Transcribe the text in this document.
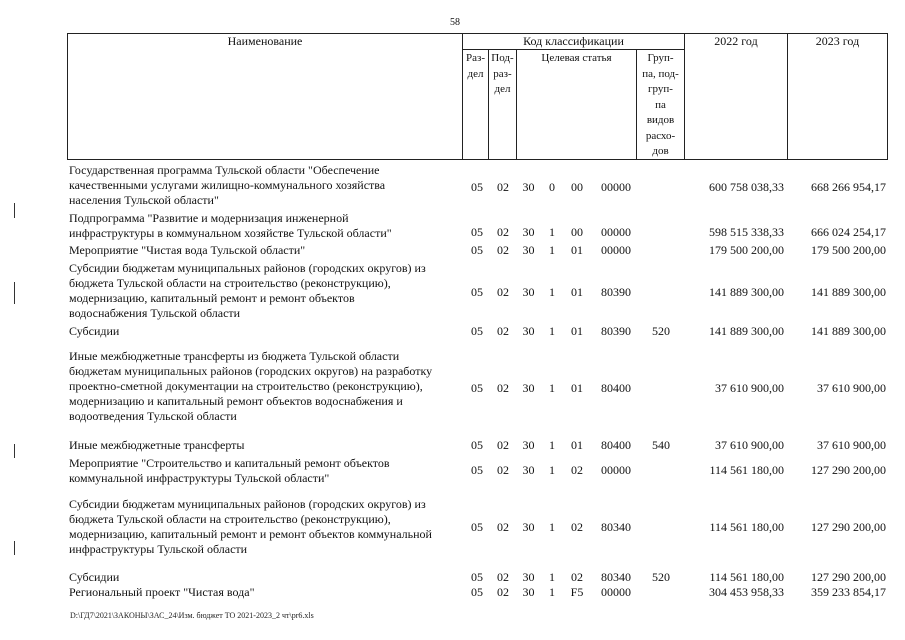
58
Наименование	Код классификации	2022 год	2023 год
Раз-
дел
Под-
раз-
дел
Целевая статья	Груп-
па, под-
груп-
па
видов
расхо-
дов
Государственная программа Тульской области "Обеспечение
качественными услугами жилищно-коммунального хозяйства
населения Тульской области"
05 02 30 0	00	00000	600 758 038,33	668 266 954,17
Подпрограмма "Развитие и модернизация инженерной
инфраструктуры в коммунальном хозяйстве Тульской области"	05 02 30 1	00	00000	598 515 338,33	666 024 254,17
Мероприятие "Чистая вода Тульской области"	05 02 30 1	01	00000	179 500 200,00	179 500 200,00
Субсидии бюджетам муниципальных районов (городских округов) из
бюджета Тульской области на строительство (реконструкцию),
модернизацию, капитальный ремонт и ремонт объектов
водоснабжения Тульской области
05 02 30 1	01	80390	141 889 300,00	141 889 300,00
Субсидии	05 02 30 1	01	80390	520	141 889 300,00	141 889 300,00
Иные межбюджетные трансферты из бюджета Тульской области
бюджетам муниципальных районов (городских округов) на разработку
проектно-сметной документации на строительство (реконструкцию),
модернизацию и капитальный ремонт объектов водоснабжения и
водоотведения Тульской области
05 02 30 1	01	80400	37 610 900,00	37 610 900,00
Иные межбюджетные трансферты	05 02 30 1	01	80400	540	37 610 900,00	37 610 900,00
Мероприятие "Строительство и капитальный ремонт объектов
коммунальной инфраструктуры Тульской области"
05 02 30 1	02	00000	114 561 180,00	127 290 200,00
Субсидии бюджетам муниципальных районов (городских округов) из
бюджета Тульской области на строительство (реконструкцию),
модернизацию, капитальный ремонт и ремонт объектов коммунальной
инфраструктуры Тульской области
05 02 30 1	02	80340	114 561 180,00	127 290 200,00
Субсидии	05 02 30 1	02	80340	520	114 561 180,00	127 290 200,00
Региональный проект "Чистая вода"	05 02 30 1	F5	00000	304 453 958,33	359 233 854,17
D:\ГД7\2021\ЗАКОНЫ\ЗАС_24\Изм. бюджет ТО 2021-2023_2 чт\pr6.xls
